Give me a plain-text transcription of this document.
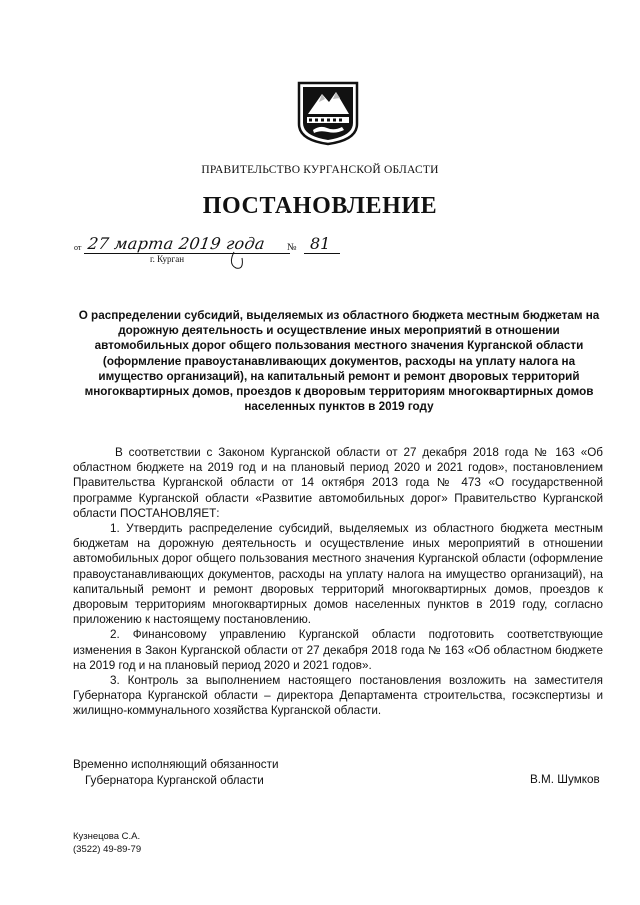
ПРАВИТЕЛЬСТВО КУРГАНСКОЙ ОБЛАСТИ
ПОСТАНОВЛЕНИЕ
от 27 марта 2019 года № 81
г. Курган
О распределении субсидий, выделяемых из областного бюджета местным бюджетам на дорожную деятельность и осуществление иных мероприятий в отношении автомобильных дорог общего пользования местного значения Курганской области (оформление правоустанавливающих документов, расходы на уплату налога на имущество организаций), на капитальный ремонт и ремонт дворовых территорий многоквартирных домов, проездов к дворовым территориям многоквартирных домов населенных пунктов в 2019 году

В соответствии с Законом Курганской области от 27 декабря 2018 года № 163 «Об областном бюджете на 2019 год и на плановый период 2020 и 2021 годов», постановлением Правительства Курганской области от 14 октября 2013 года № 473 «О государственной программе Курганской области «Развитие автомобильных дорог» Правительство Курганской области ПОСТАНОВЛЯЕТ:

1. Утвердить распределение субсидий, выделяемых из областного бюджета местным бюджетам на дорожную деятельность и осуществление иных мероприятий в отношении автомобильных дорог общего пользования местного значения Курганской области (оформление правоустанавливающих документов, расходы на уплату налога на имущество организаций), на капитальный ремонт и ремонт дворовых территорий многоквартирных домов, проездов к дворовым территориям многоквартирных домов населенных пунктов в 2019 году, согласно приложению к настоящему постановлению.

2. Финансовому управлению Курганской области подготовить соответствующие изменения в Закон Курганской области от 27 декабря 2018 года № 163 «Об областном бюджете на 2019 год и на плановый период 2020 и 2021 годов».

3. Контроль за выполнением настоящего постановления возложить на заместителя Губернатора Курганской области – директора Департамента строительства, госэкспертизы и жилищно-коммунального хозяйства Курганской области.

Временно исполняющий обязанности
Губернатора Курганской области	В.М. Шумков
Кузнецова С.А.
(3522) 49-89-79
